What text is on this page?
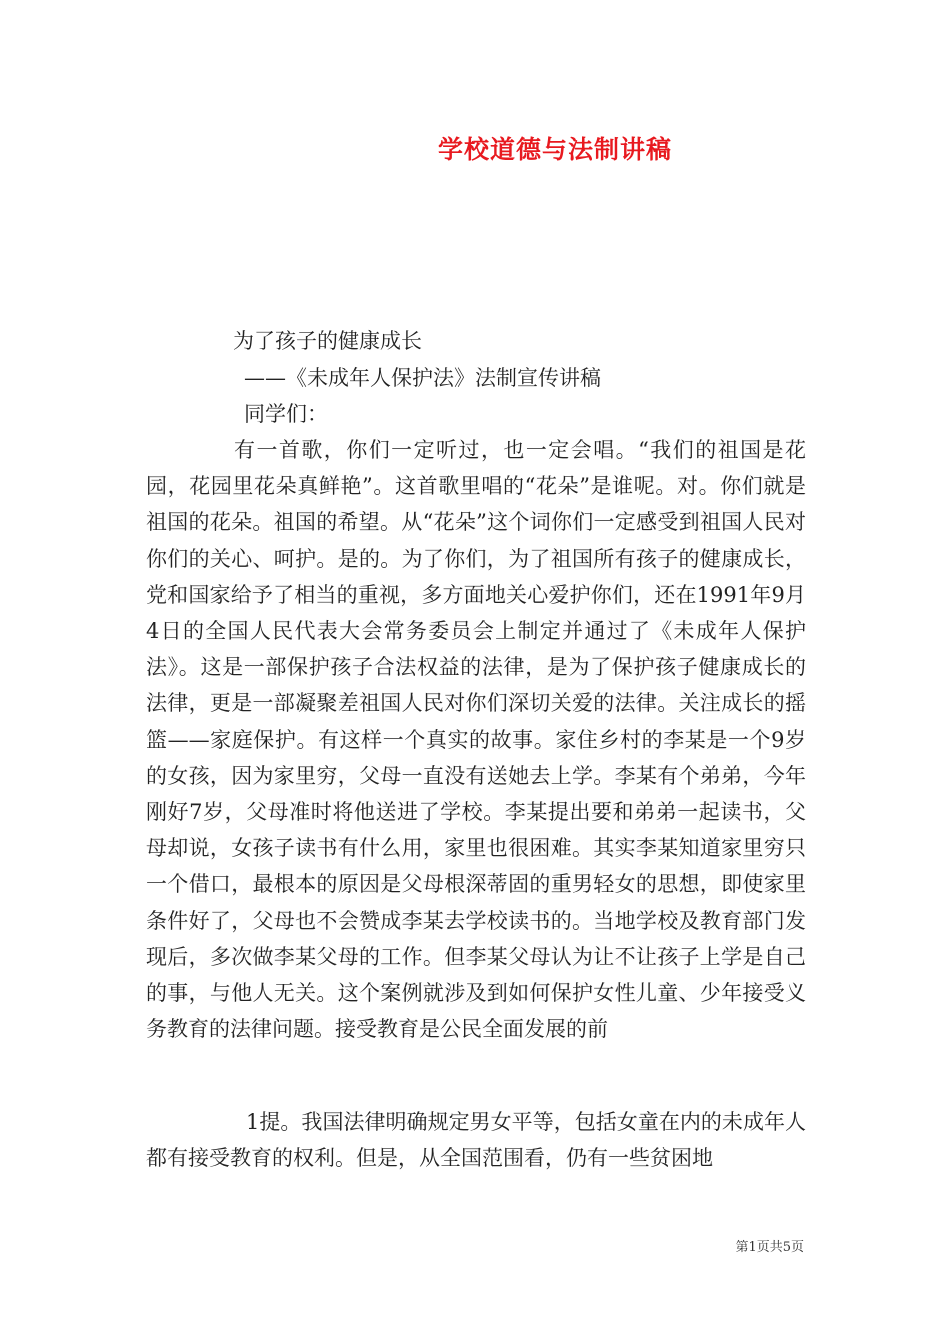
学校道德与法制讲稿
为了孩子的健康成长
——《未成年人保护法》法制宣传讲稿
同学们：
有一首歌，你们一定听过，也一定会唱。“我们的祖国是花园，花园里花朵真鲜艳”。这首歌里唱的“花朵”是谁呢。对。你们就是祖国的花朵。祖国的希望。从“花朵”这个词你们一定感受到祖国人民对你们的关心、呵护。是的。为了你们，为了祖国所有孩子的健康成长，党和国家给予了相当的重视，多方面地关心爱护你们，还在1991年9月4日的全国人民代表大会常务委员会上制定并通过了《未成年人保护法》。这是一部保护孩子合法权益的法律，是为了保护孩子健康成长的法律，更是一部凝聚差祖国人民对你们深切关爱的法律。关注成长的摇篮——家庭保护。有这样一个真实的故事。家住乡村的李某是一个9岁的女孩，因为家里穷，父母一直没有送她去上学。李某有个弟弟，今年刚好7岁，父母准时将他送进了学校。李某提出要和弟弟一起读书，父母却说，女孩子读书有什么用，家里也很困难。其实李某知道家里穷只一个借口，最根本的原因是父母根深蒂固的重男轻女的思想，即使家里条件好了，父母也不会赞成李某去学校读书的。当地学校及教育部门发现后，多次做李某父母的工作。但李某父母认为让不让孩子上学是自己的事，与他人无关。这个案例就涉及到如何保护女性儿童、少年接受义务教育的法律问题。接受教育是公民全面发展的前
1提。我国法律明确规定男女平等，包括女童在内的未成年人都有接受教育的权利。但是，从全国范围看，仍有一些贫困地
第1页共5页
